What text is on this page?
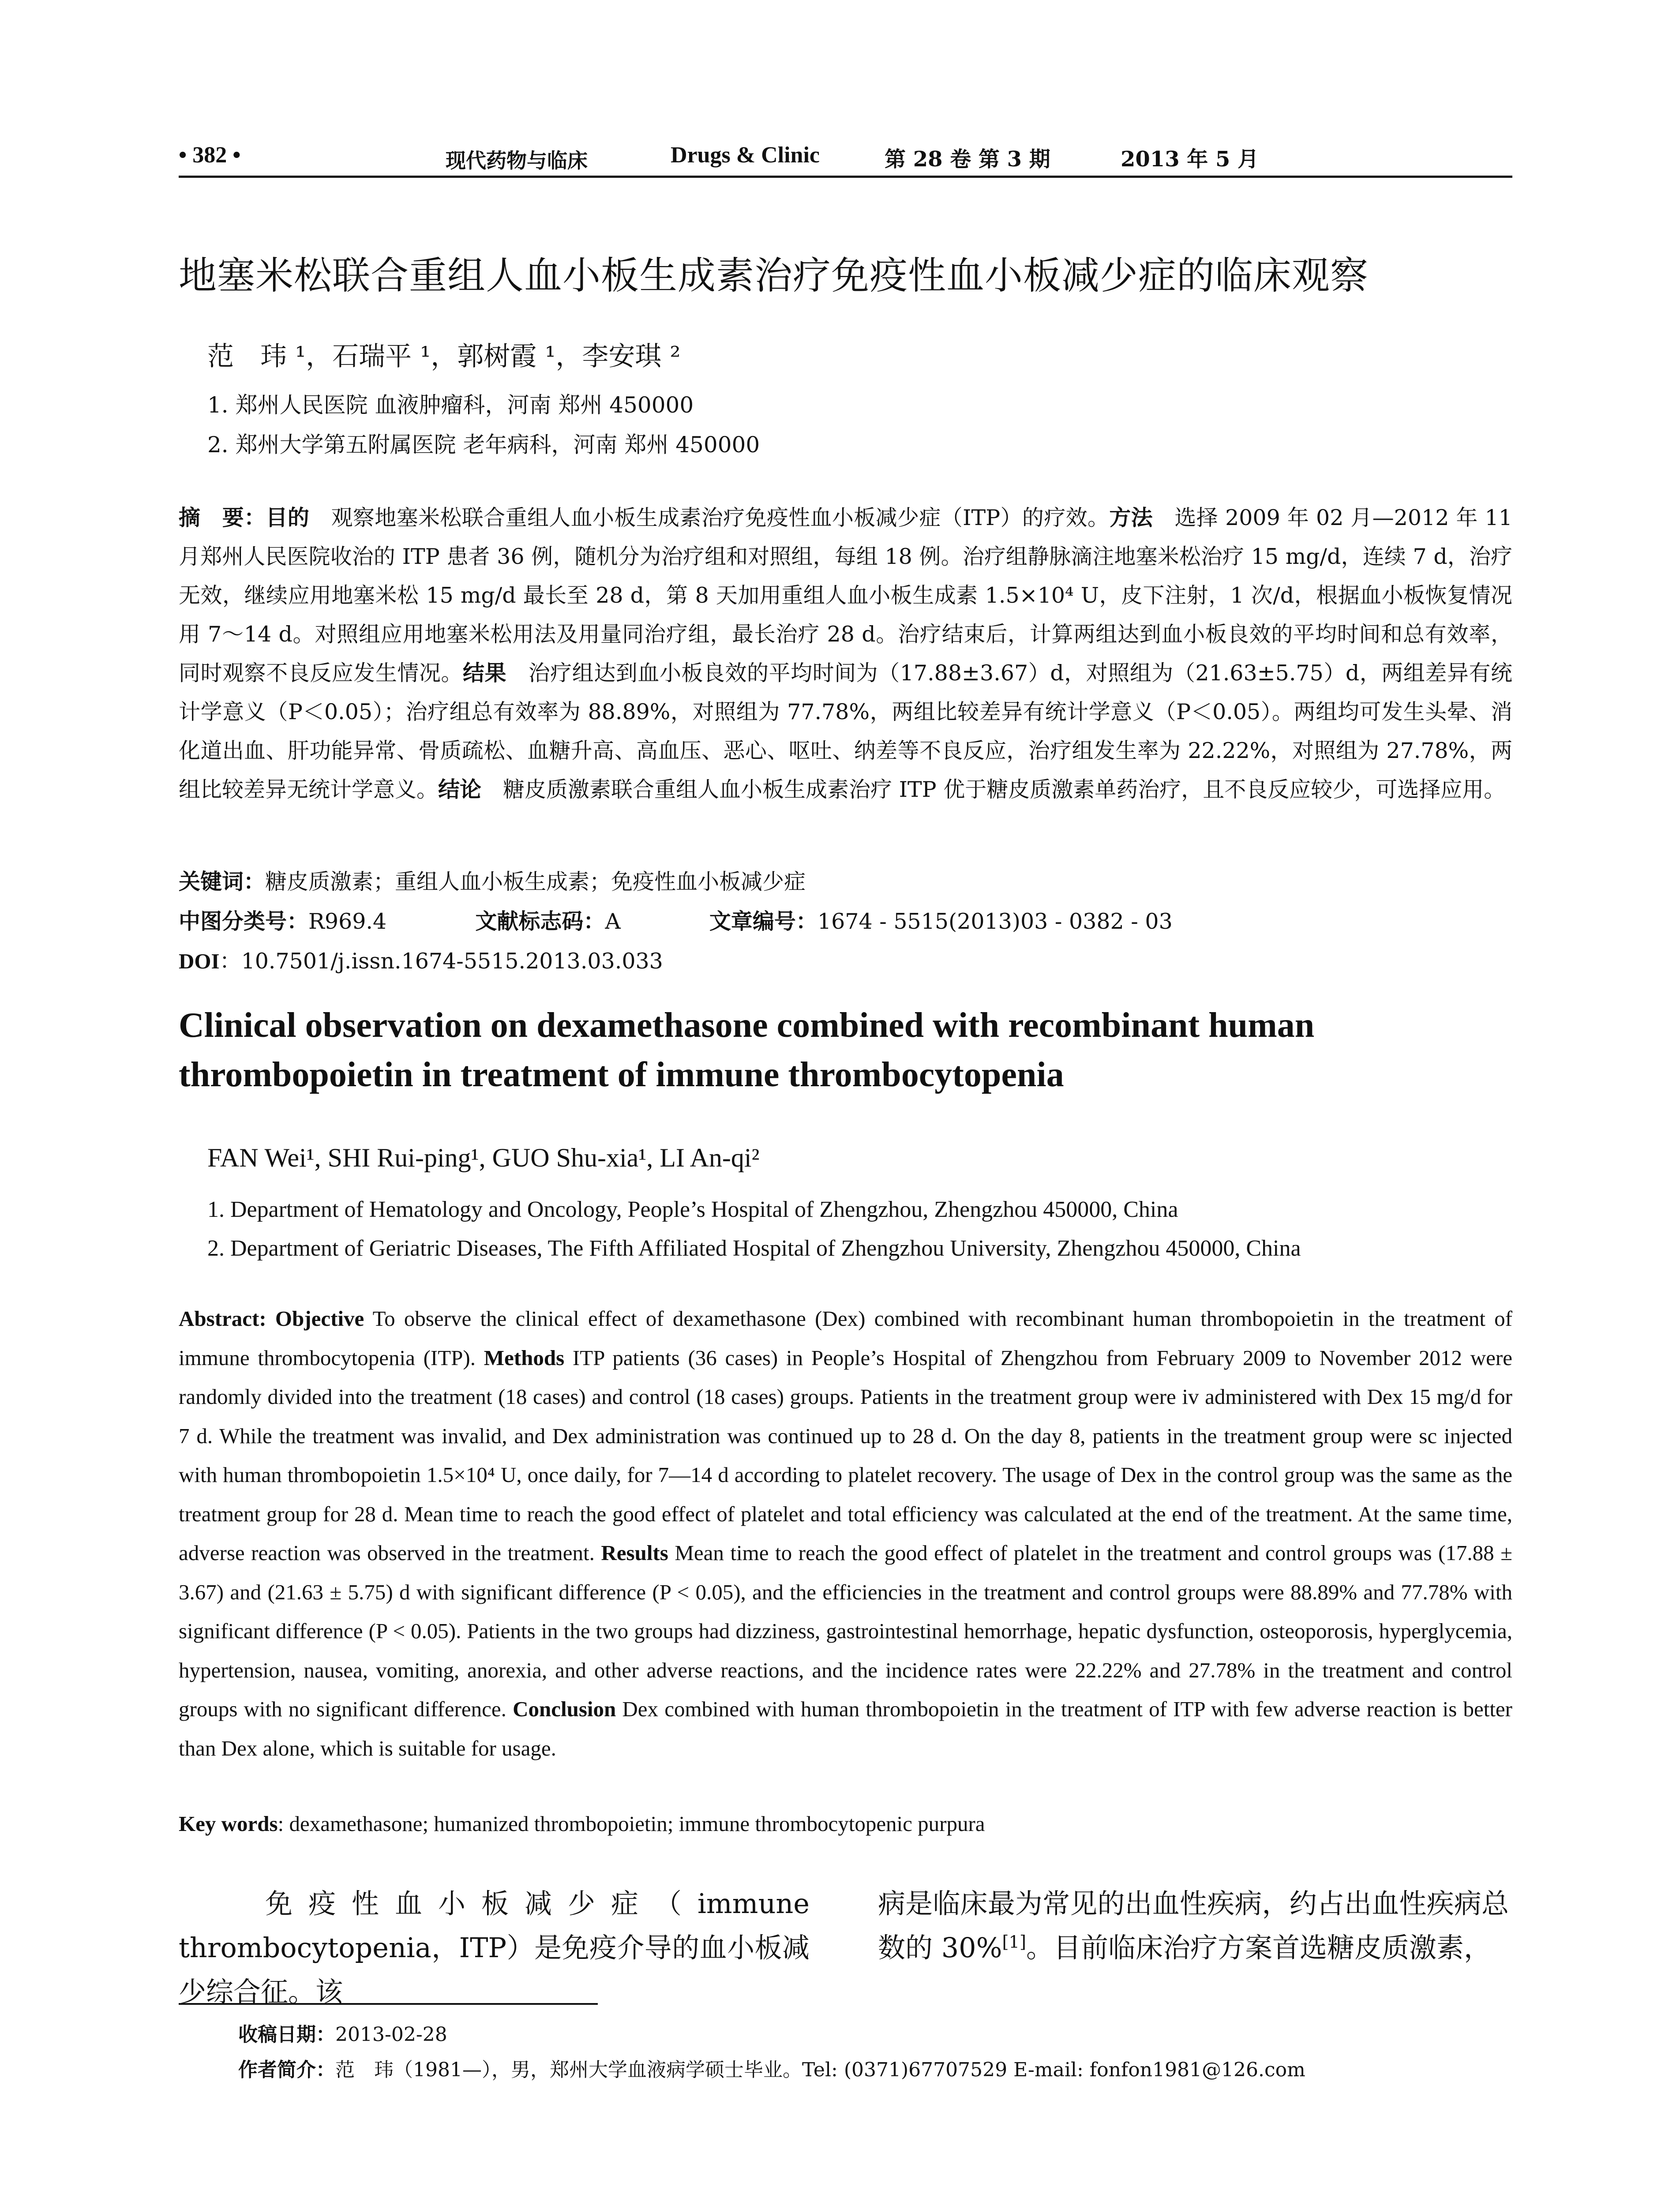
• 382 •	现代药物与临床	Drugs & Clinic	第 28 卷 第 3 期	2013 年 5 月
地塞米松联合重组人血小板生成素治疗免疫性血小板减少症的临床观察
范　玮 ¹，石瑞平 ¹，郭树霞 ¹，李安琪 ²
1. 郑州人民医院 血液肿瘤科，河南 郑州 450000
2. 郑州大学第五附属医院 老年病科，河南 郑州 450000
摘　要：目的　观察地塞米松联合重组人血小板生成素治疗免疫性血小板减少症（ITP）的疗效。方法　选择 2009 年 02 月—2012 年 11 月郑州人民医院收治的 ITP 患者 36 例，随机分为治疗组和对照组，每组 18 例。治疗组静脉滴注地塞米松治疗 15 mg/d，连续 7 d，治疗无效，继续应用地塞米松 15 mg/d 最长至 28 d，第 8 天加用重组人血小板生成素 1.5×10⁴ U，皮下注射，1 次/d，根据血小板恢复情况用 7～14 d。对照组应用地塞米松用法及用量同治疗组，最长治疗 28 d。治疗结束后，计算两组达到血小板良效的平均时间和总有效率，同时观察不良反应发生情况。结果　治疗组达到血小板良效的平均时间为（17.88±3.67）d，对照组为（21.63±5.75）d，两组差异有统计学意义（P＜0.05）；治疗组总有效率为 88.89%，对照组为 77.78%，两组比较差异有统计学意义（P＜0.05）。两组均可发生头晕、消化道出血、肝功能异常、骨质疏松、血糖升高、高血压、恶心、呕吐、纳差等不良反应，治疗组发生率为 22.22%，对照组为 27.78%，两组比较差异无统计学意义。结论　糖皮质激素联合重组人血小板生成素治疗 ITP 优于糖皮质激素单药治疗，且不良反应较少，可选择应用。
关键词：糖皮质激素；重组人血小板生成素；免疫性血小板减少症
中图分类号：R969.4	文献标志码：A	文章编号：1674 - 5515(2013)03 - 0382 - 03
DOI：10.7501/j.issn.1674-5515.2013.03.033
Clinical observation on dexamethasone combined with recombinant human thrombopoietin in treatment of immune thrombocytopenia
FAN Wei¹, SHI Rui-ping¹, GUO Shu-xia¹, LI An-qi²
1. Department of Hematology and Oncology, People’s Hospital of Zhengzhou, Zhengzhou 450000, China
2. Department of Geriatric Diseases, The Fifth Affiliated Hospital of Zhengzhou University, Zhengzhou 450000, China
Abstract: Objective To observe the clinical effect of dexamethasone (Dex) combined with recombinant human thrombopoietin in the treatment of immune thrombocytopenia (ITP). Methods ITP patients (36 cases) in People’s Hospital of Zhengzhou from February 2009 to November 2012 were randomly divided into the treatment (18 cases) and control (18 cases) groups. Patients in the treatment group were iv administered with Dex 15 mg/d for 7 d. While the treatment was invalid, and Dex administration was continued up to 28 d. On the day 8, patients in the treatment group were sc injected with human thrombopoietin 1.5×10⁴ U, once daily, for 7—14 d according to platelet recovery. The usage of Dex in the control group was the same as the treatment group for 28 d. Mean time to reach the good effect of platelet and total efficiency was calculated at the end of the treatment. At the same time, adverse reaction was observed in the treatment. Results Mean time to reach the good effect of platelet in the treatment and control groups was (17.88 ± 3.67) and (21.63 ± 5.75) d with significant difference (P < 0.05), and the efficiencies in the treatment and control groups were 88.89% and 77.78% with significant difference (P < 0.05). Patients in the two groups had dizziness, gastrointestinal hemorrhage, hepatic dysfunction, osteoporosis, hyperglycemia, hypertension, nausea, vomiting, anorexia, and other adverse reactions, and the incidence rates were 22.22% and 27.78% in the treatment and control groups with no significant difference. Conclusion Dex combined with human thrombopoietin in the treatment of ITP with few adverse reaction is better than Dex alone, which is suitable for usage.
Key words: dexamethasone; humanized thrombopoietin; immune thrombocytopenic purpura
　　免疫性血小板减少症（immune thrombocytopenia，ITP）是免疫介导的血小板减少综合征。该
病是临床最为常见的出血性疾病，约占出血性疾病总数的 30%[1]。目前临床治疗方案首选糖皮质激素，
收稿日期：2013-02-28
作者简介：范　玮（1981—），男，郑州大学血液病学硕士毕业。Tel: (0371)67707529 E-mail: fonfon1981@126.com
